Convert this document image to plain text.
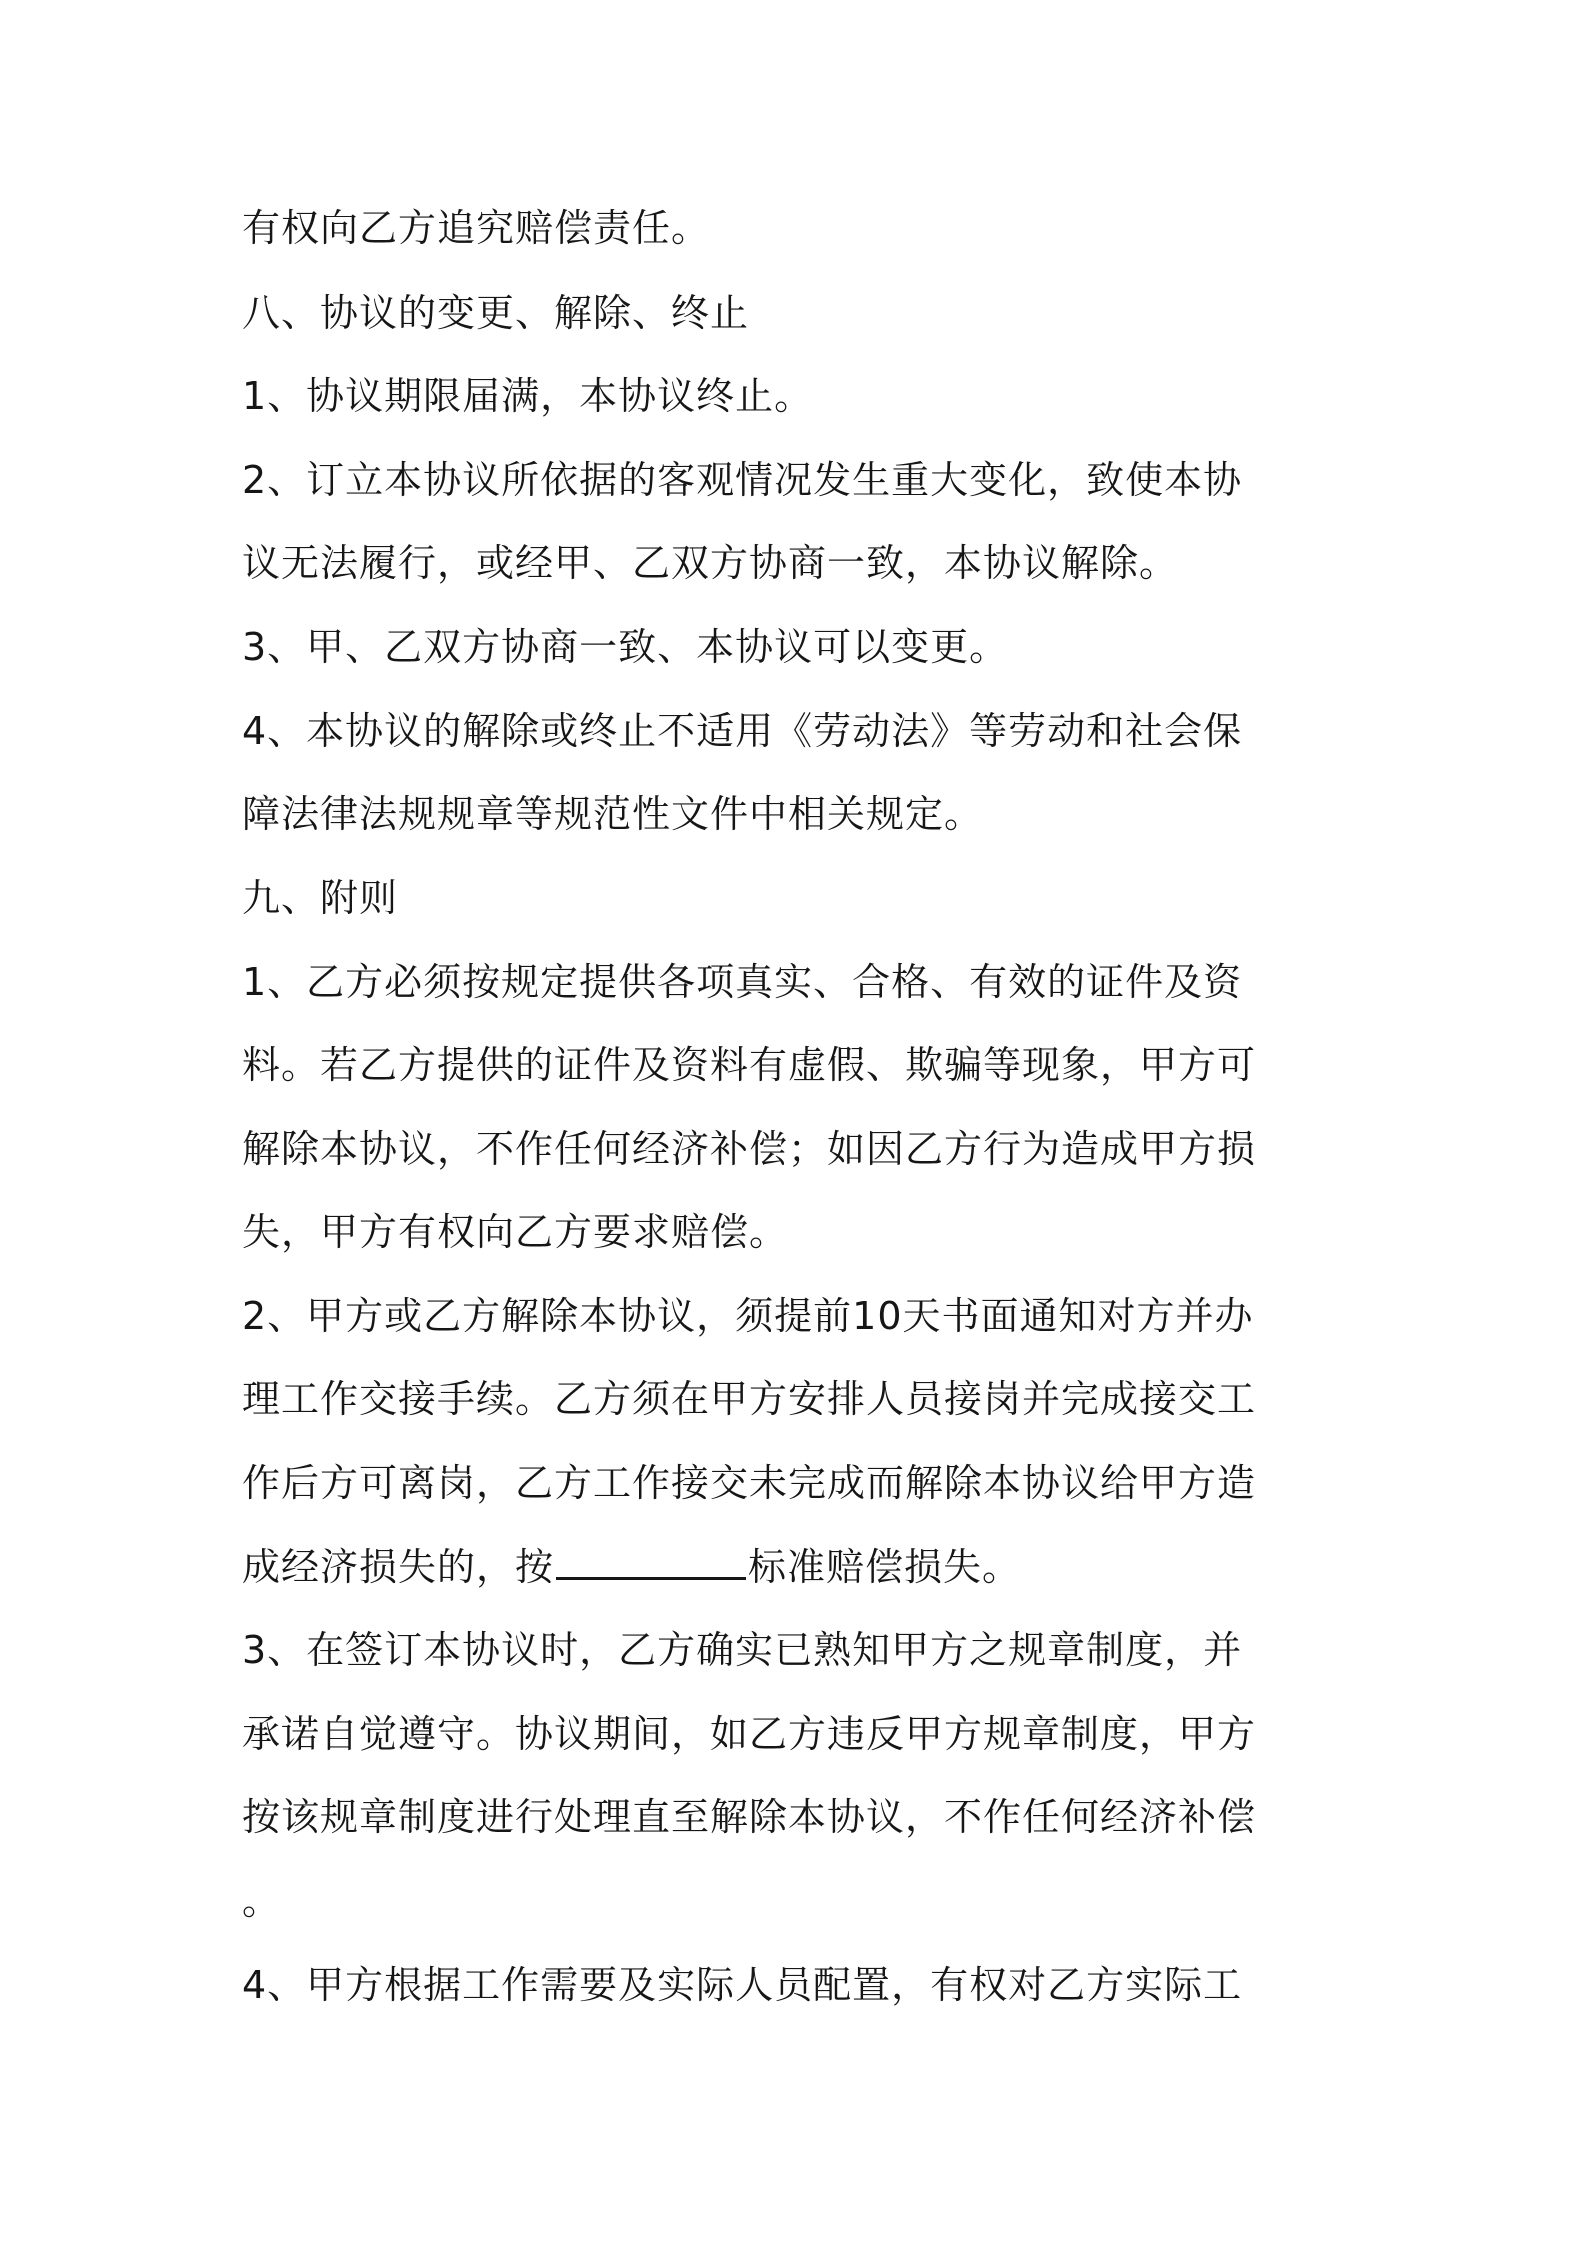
有权向乙方追究赔偿责任。
八、协议的变更、解除、终止
1、协议期限届满，本协议终止。
2、订立本协议所依据的客观情况发生重大变化，致使本协
议无法履行，或经甲、乙双方协商一致，本协议解除。
3、甲、乙双方协商一致、本协议可以变更。
4、本协议的解除或终止不适用《劳动法》等劳动和社会保
障法律法规规章等规范性文件中相关规定。
九、附则
1、乙方必须按规定提供各项真实、合格、有效的证件及资
料。若乙方提供的证件及资料有虚假、欺骗等现象，甲方可
解除本协议，不作任何经济补偿；如因乙方行为造成甲方损
失，甲方有权向乙方要求赔偿。
2、甲方或乙方解除本协议，须提前10天书面通知对方并办
理工作交接手续。乙方须在甲方安排人员接岗并完成接交工
作后方可离岗，乙方工作接交未完成而解除本协议给甲方造
成经济损失的，按	标准赔偿损失。
3、在签订本协议时，乙方确实已熟知甲方之规章制度，并
承诺自觉遵守。协议期间，如乙方违反甲方规章制度，甲方
按该规章制度进行处理直至解除本协议，不作任何经济补偿
。
4、甲方根据工作需要及实际人员配置，有权对乙方实际工
